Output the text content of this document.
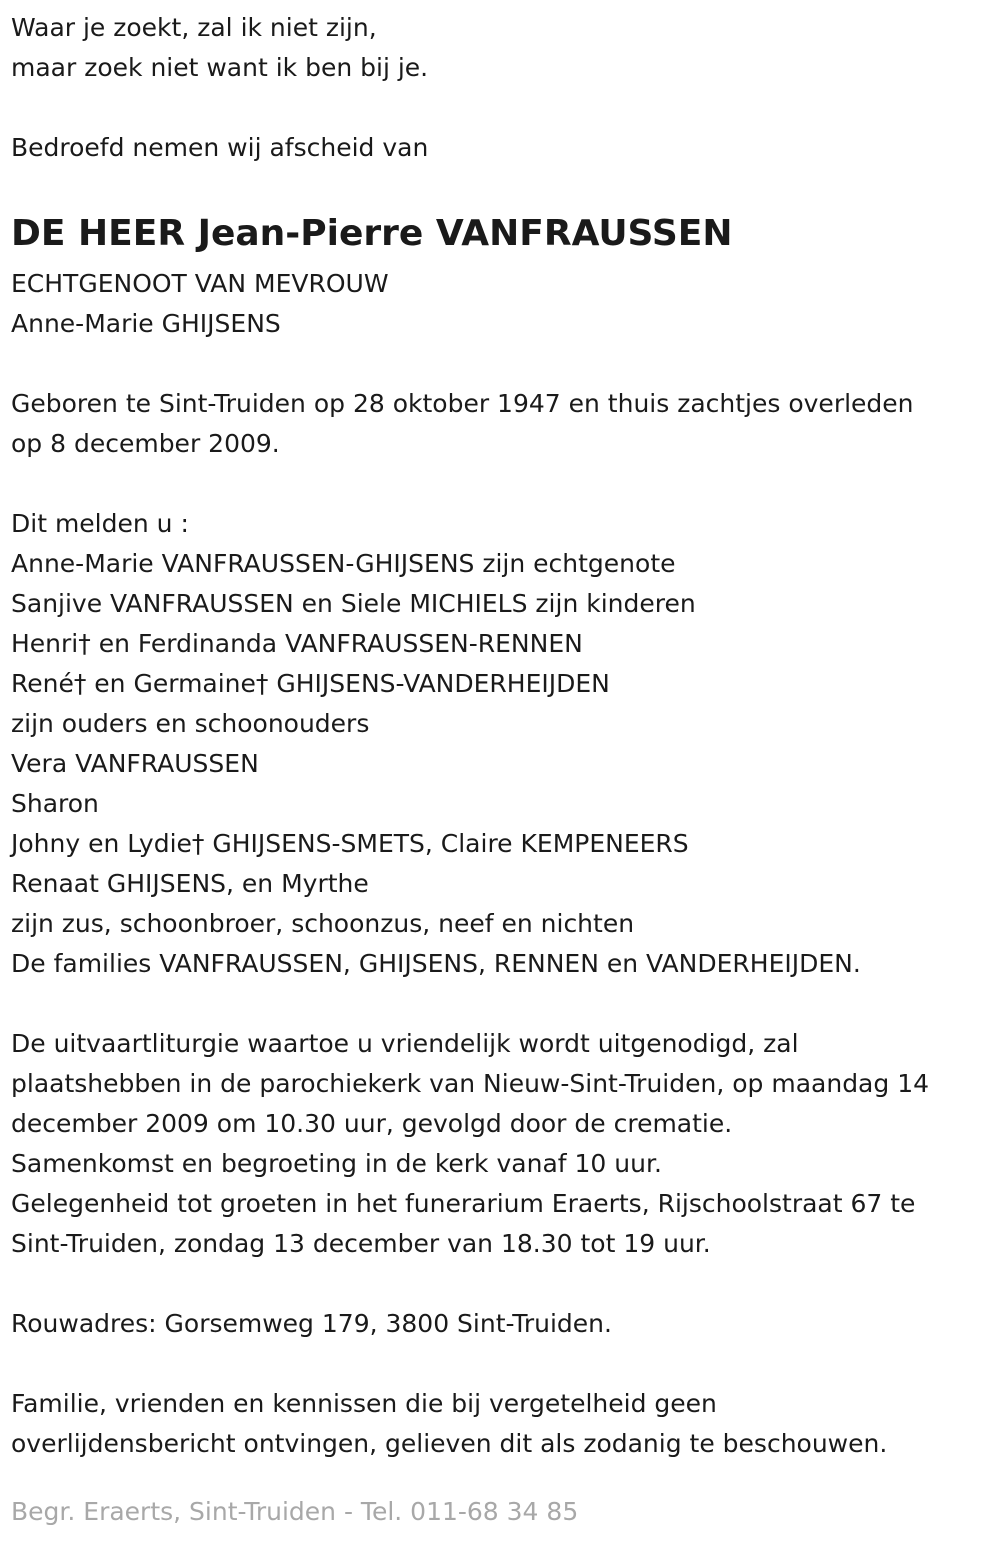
Waar je zoekt, zal ik niet zijn,
maar zoek niet want ik ben bij je.
Bedroefd nemen wij afscheid van
DE HEER Jean-Pierre VANFRAUSSEN
ECHTGENOOT VAN MEVROUW
Anne-Marie GHIJSENS
Geboren te Sint-Truiden op 28 oktober 1947 en thuis zachtjes overleden
op 8 december 2009.
Dit melden u :
Anne-Marie VANFRAUSSEN-GHIJSENS zijn echtgenote
Sanjive VANFRAUSSEN en Siele MICHIELS zijn kinderen
Henri† en Ferdinanda VANFRAUSSEN-RENNEN
René† en Germaine† GHIJSENS-VANDERHEIJDEN
zijn ouders en schoonouders
Vera VANFRAUSSEN
Sharon
Johny en Lydie† GHIJSENS-SMETS, Claire KEMPENEERS
Renaat GHIJSENS, en Myrthe
zijn zus, schoonbroer, schoonzus, neef en nichten
De families VANFRAUSSEN, GHIJSENS, RENNEN en VANDERHEIJDEN.
De uitvaartliturgie waartoe u vriendelijk wordt uitgenodigd, zal
plaatshebben in de parochiekerk van Nieuw-Sint-Truiden, op maandag 14
december 2009 om 10.30 uur, gevolgd door de crematie.
Samenkomst en begroeting in de kerk vanaf 10 uur.
Gelegenheid tot groeten in het funerarium Eraerts, Rijschoolstraat 67 te
Sint-Truiden, zondag 13 december van 18.30 tot 19 uur.
Rouwadres: Gorsemweg 179, 3800 Sint-Truiden.
Familie, vrienden en kennissen die bij vergetelheid geen
overlijdensbericht ontvingen, gelieven dit als zodanig te beschouwen.
Begr. Eraerts, Sint-Truiden - Tel. 011-68 34 85
